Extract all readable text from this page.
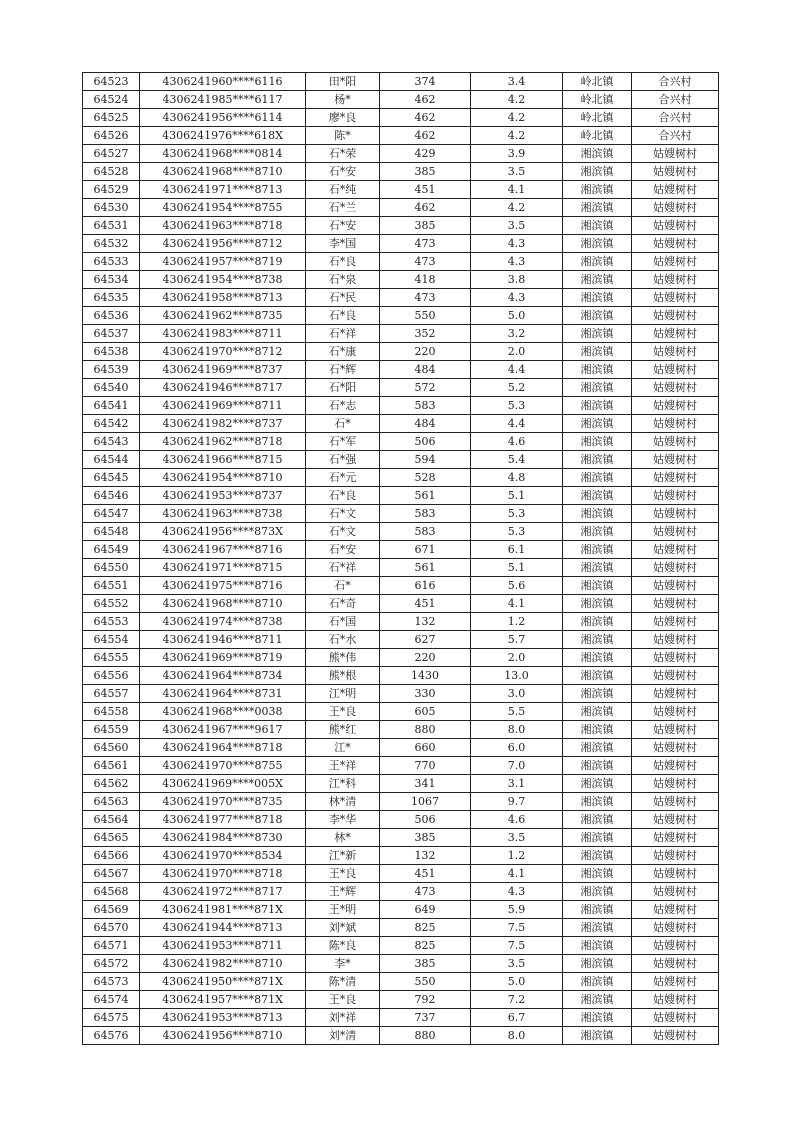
64523	4306241960****6116	田*阳	374	3.4	岭北镇	合兴村
64524	4306241985****6117	杨*	462	4.2	岭北镇	合兴村
64525	4306241956****6114	廖*良	462	4.2	岭北镇	合兴村
64526	4306241976****618X	陈*	462	4.2	岭北镇	合兴村
64527	4306241968****0814	石*荣	429	3.9	湘滨镇	姑嫂树村
64528	4306241968****8710	石*安	385	3.5	湘滨镇	姑嫂树村
64529	4306241971****8713	石*纯	451	4.1	湘滨镇	姑嫂树村
64530	4306241954****8755	石*兰	462	4.2	湘滨镇	姑嫂树村
64531	4306241963****8718	石*安	385	3.5	湘滨镇	姑嫂树村
64532	4306241956****8712	李*国	473	4.3	湘滨镇	姑嫂树村
64533	4306241957****8719	石*良	473	4.3	湘滨镇	姑嫂树村
64534	4306241954****8738	石*泉	418	3.8	湘滨镇	姑嫂树村
64535	4306241958****8713	石*民	473	4.3	湘滨镇	姑嫂树村
64536	4306241962****8735	石*良	550	5.0	湘滨镇	姑嫂树村
64537	4306241983****8711	石*祥	352	3.2	湘滨镇	姑嫂树村
64538	4306241970****8712	石*康	220	2.0	湘滨镇	姑嫂树村
64539	4306241969****8737	石*辉	484	4.4	湘滨镇	姑嫂树村
64540	4306241946****8717	石*阳	572	5.2	湘滨镇	姑嫂树村
64541	4306241969****8711	石*志	583	5.3	湘滨镇	姑嫂树村
64542	4306241982****8737	石*	484	4.4	湘滨镇	姑嫂树村
64543	4306241962****8718	石*军	506	4.6	湘滨镇	姑嫂树村
64544	4306241966****8715	石*强	594	5.4	湘滨镇	姑嫂树村
64545	4306241954****8710	石*元	528	4.8	湘滨镇	姑嫂树村
64546	4306241953****8737	石*良	561	5.1	湘滨镇	姑嫂树村
64547	4306241963****8738	石*文	583	5.3	湘滨镇	姑嫂树村
64548	4306241956****873X	石*文	583	5.3	湘滨镇	姑嫂树村
64549	4306241967****8716	石*安	671	6.1	湘滨镇	姑嫂树村
64550	4306241971****8715	石*祥	561	5.1	湘滨镇	姑嫂树村
64551	4306241975****8716	石*	616	5.6	湘滨镇	姑嫂树村
64552	4306241968****8710	石*奇	451	4.1	湘滨镇	姑嫂树村
64553	4306241974****8738	石*国	132	1.2	湘滨镇	姑嫂树村
64554	4306241946****8711	石*水	627	5.7	湘滨镇	姑嫂树村
64555	4306241969****8719	熊*伟	220	2.0	湘滨镇	姑嫂树村
64556	4306241964****8734	熊*根	1430	13.0	湘滨镇	姑嫂树村
64557	4306241964****8731	江*明	330	3.0	湘滨镇	姑嫂树村
64558	4306241968****0038	王*良	605	5.5	湘滨镇	姑嫂树村
64559	4306241967****9617	熊*红	880	8.0	湘滨镇	姑嫂树村
64560	4306241964****8718	江*	660	6.0	湘滨镇	姑嫂树村
64561	4306241970****8755	王*祥	770	7.0	湘滨镇	姑嫂树村
64562	4306241969****005X	江*科	341	3.1	湘滨镇	姑嫂树村
64563	4306241970****8735	林*清	1067	9.7	湘滨镇	姑嫂树村
64564	4306241977****8718	李*华	506	4.6	湘滨镇	姑嫂树村
64565	4306241984****8730	林*	385	3.5	湘滨镇	姑嫂树村
64566	4306241970****8534	江*新	132	1.2	湘滨镇	姑嫂树村
64567	4306241970****8718	王*良	451	4.1	湘滨镇	姑嫂树村
64568	4306241972****8717	王*辉	473	4.3	湘滨镇	姑嫂树村
64569	4306241981****871X	王*明	649	5.9	湘滨镇	姑嫂树村
64570	4306241944****8713	刘*斌	825	7.5	湘滨镇	姑嫂树村
64571	4306241953****8711	陈*良	825	7.5	湘滨镇	姑嫂树村
64572	4306241982****8710	李*	385	3.5	湘滨镇	姑嫂树村
64573	4306241950****871X	陈*清	550	5.0	湘滨镇	姑嫂树村
64574	4306241957****871X	王*良	792	7.2	湘滨镇	姑嫂树村
64575	4306241953****8713	刘*祥	737	6.7	湘滨镇	姑嫂树村
64576	4306241956****8710	刘*清	880	8.0	湘滨镇	姑嫂树村
